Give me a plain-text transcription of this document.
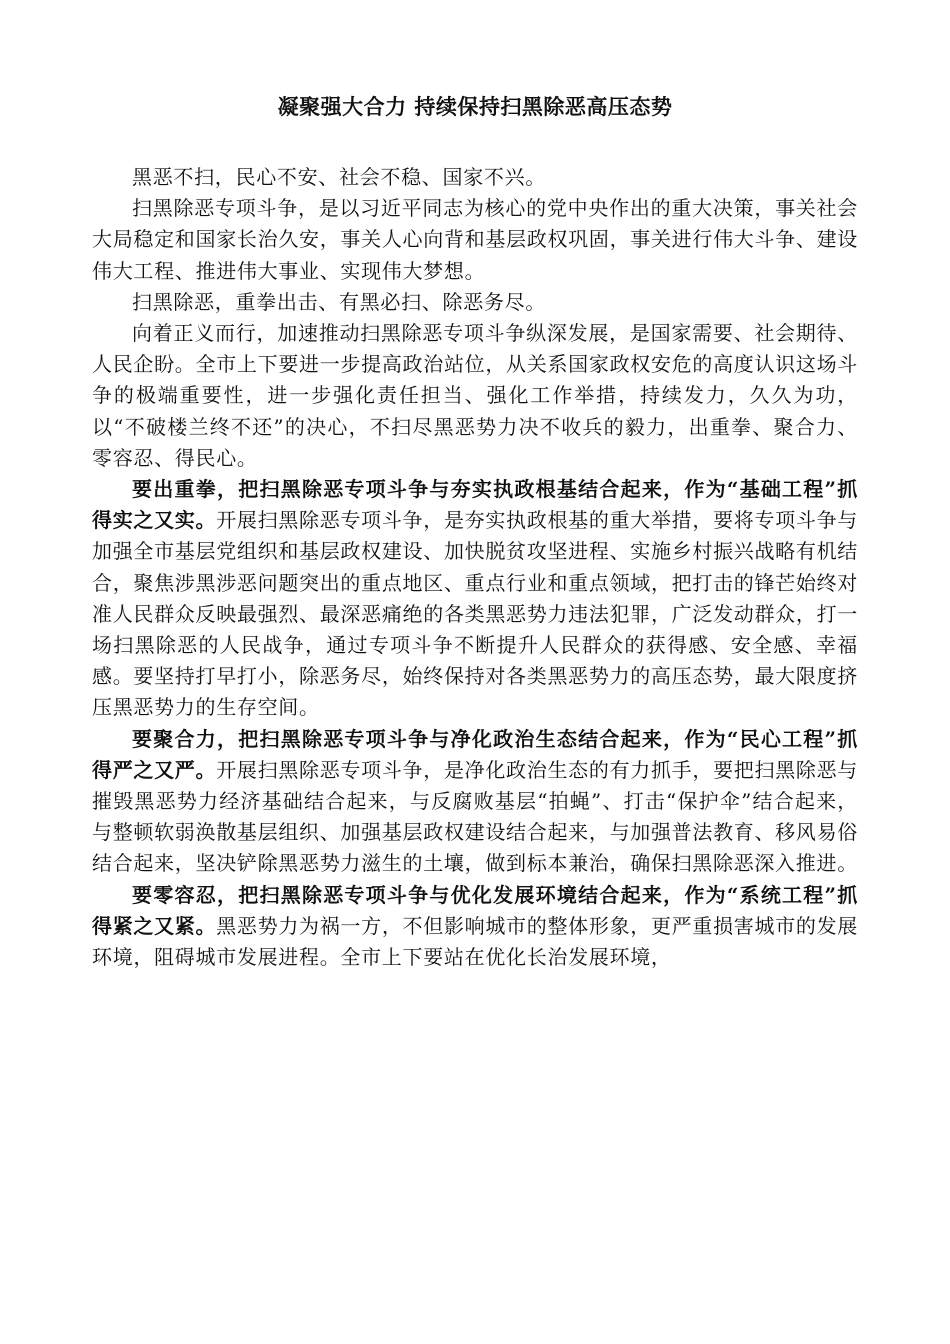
凝聚强大合力 持续保持扫黑除恶高压态势

黑恶不扫，民心不安、社会不稳、国家不兴。

扫黑除恶专项斗争，是以习近平同志为核心的党中央作出的重大决策，事关社会大局稳定和国家长治久安，事关人心向背和基层政权巩固，事关进行伟大斗争、建设伟大工程、推进伟大事业、实现伟大梦想。

扫黑除恶，重拳出击、有黑必扫、除恶务尽。

向着正义而行，加速推动扫黑除恶专项斗争纵深发展，是国家需要、社会期待、人民企盼。全市上下要进一步提高政治站位，从关系国家政权安危的高度认识这场斗争的极端重要性，进一步强化责任担当、强化工作举措，持续发力，久久为功，以“不破楼兰终不还”的决心，不扫尽黑恶势力决不收兵的毅力，出重拳、聚合力、零容忍、得民心。

要出重拳，把扫黑除恶专项斗争与夯实执政根基结合起来，作为“基础工程”抓得实之又实。开展扫黑除恶专项斗争，是夯实执政根基的重大举措，要将专项斗争与加强全市基层党组织和基层政权建设、加快脱贫攻坚进程、实施乡村振兴战略有机结合，聚焦涉黑涉恶问题突出的重点地区、重点行业和重点领域，把打击的锋芒始终对准人民群众反映最强烈、最深恶痛绝的各类黑恶势力违法犯罪，广泛发动群众，打一场扫黑除恶的人民战争，通过专项斗争不断提升人民群众的获得感、安全感、幸福感。要坚持打早打小，除恶务尽，始终保持对各类黑恶势力的高压态势，最大限度挤压黑恶势力的生存空间。

要聚合力，把扫黑除恶专项斗争与净化政治生态结合起来，作为“民心工程”抓得严之又严。开展扫黑除恶专项斗争，是净化政治生态的有力抓手，要把扫黑除恶与摧毁黑恶势力经济基础结合起来，与反腐败基层“拍蝇”、打击“保护伞”结合起来，与整顿软弱涣散基层组织、加强基层政权建设结合起来，与加强普法教育、移风易俗结合起来，坚决铲除黑恶势力滋生的土壤，做到标本兼治，确保扫黑除恶深入推进。

要零容忍，把扫黑除恶专项斗争与优化发展环境结合起来，作为“系统工程”抓得紧之又紧。黑恶势力为祸一方，不但影响城市的整体形象，更严重损害城市的发展环境，阻碍城市发展进程。全市上下要站在优化长治发展环境，
